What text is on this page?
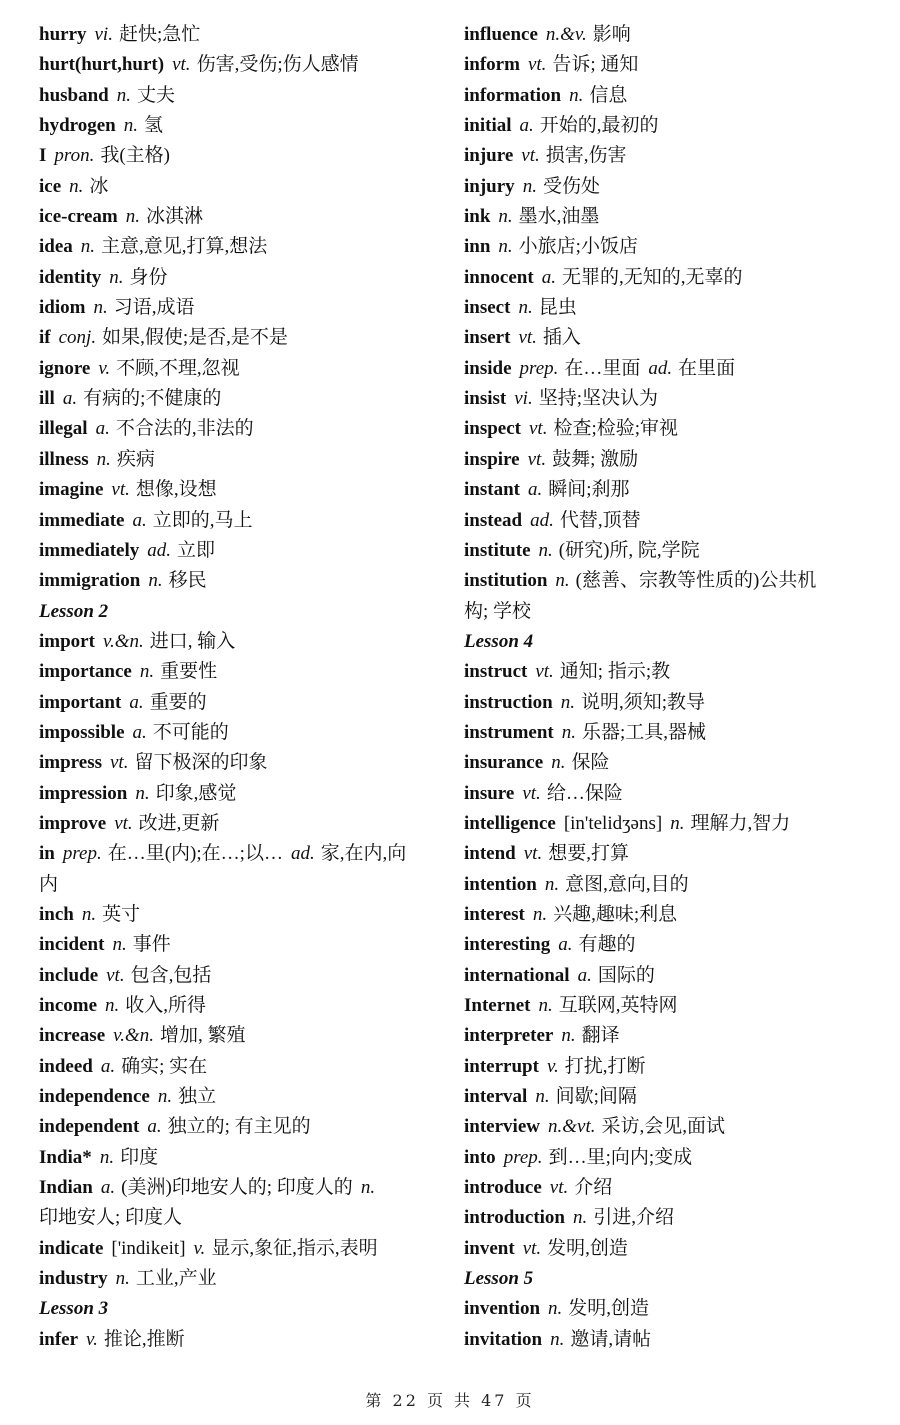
hurry vi. 赶快;急忙
hurt(hurt,hurt) vt. 伤害,受伤;伤人感情
husband n. 丈夫
hydrogen n. 氢
I pron. 我(主格)
ice n. 冰
ice-cream n. 冰淇淋
idea n. 主意,意见,打算,想法
identity n. 身份
idiom n. 习语,成语
if conj. 如果,假使;是否,是不是
ignore v. 不顾,不理,忽视
ill a. 有病的;不健康的
illegal a. 不合法的,非法的
illness n. 疾病
imagine vt. 想像,设想
immediate a. 立即的,马上
immediately ad. 立即
immigration n. 移民
Lesson 2
import v.&n. 进口, 输入
importance n. 重要性
important a. 重要的
impossible a. 不可能的
impress vt. 留下极深的印象
impression n. 印象,感觉
improve vt. 改进,更新
in prep. 在…里(内);在…;以… ad. 家,在内,向
内
inch n. 英寸
incident n. 事件
include vt. 包含,包括
income n. 收入,所得
increase v.&n. 增加, 繁殖
indeed a. 确实; 实在
independence n. 独立
independent a. 独立的; 有主见的
India* n. 印度
Indian a. (美洲)印地安人的; 印度人的 n.
印地安人; 印度人
indicate ['indikeit] v. 显示,象征,指示,表明
industry n. 工业,产业
Lesson 3
infer v. 推论,推断
influence n.&v. 影响
inform vt. 告诉; 通知
information n. 信息
initial a. 开始的,最初的
injure vt. 损害,伤害
injury n. 受伤处
ink n. 墨水,油墨
inn n. 小旅店;小饭店
innocent a. 无罪的,无知的,无辜的
insect n. 昆虫
insert vt. 插入
inside prep. 在…里面 ad. 在里面
insist vi. 坚持;坚决认为
inspect vt. 检查;检验;审视
inspire vt. 鼓舞; 激励
instant a. 瞬间;刹那
instead ad. 代替,顶替
institute n. (研究)所, 院,学院
institution n. (慈善、宗教等性质的)公共机
构; 学校
Lesson 4
instruct vt. 通知; 指示;教
instruction n. 说明,须知;教导
instrument n. 乐器;工具,器械
insurance n. 保险
insure vt. 给…保险
intelligence [in'telidʒəns] n. 理解力,智力
intend vt. 想要,打算
intention n. 意图,意向,目的
interest n. 兴趣,趣味;利息
interesting a. 有趣的
international a. 国际的
Internet n. 互联网,英特网
interpreter n. 翻译
interrupt v. 打扰,打断
interval n. 间歇;间隔
interview n.&vt. 采访,会见,面试
into prep. 到…里;向内;变成
introduce vt. 介绍
introduction n. 引进,介绍
invent vt. 发明,创造
Lesson 5
invention n. 发明,创造
invitation n. 邀请,请帖
第 22 页 共 47 页
